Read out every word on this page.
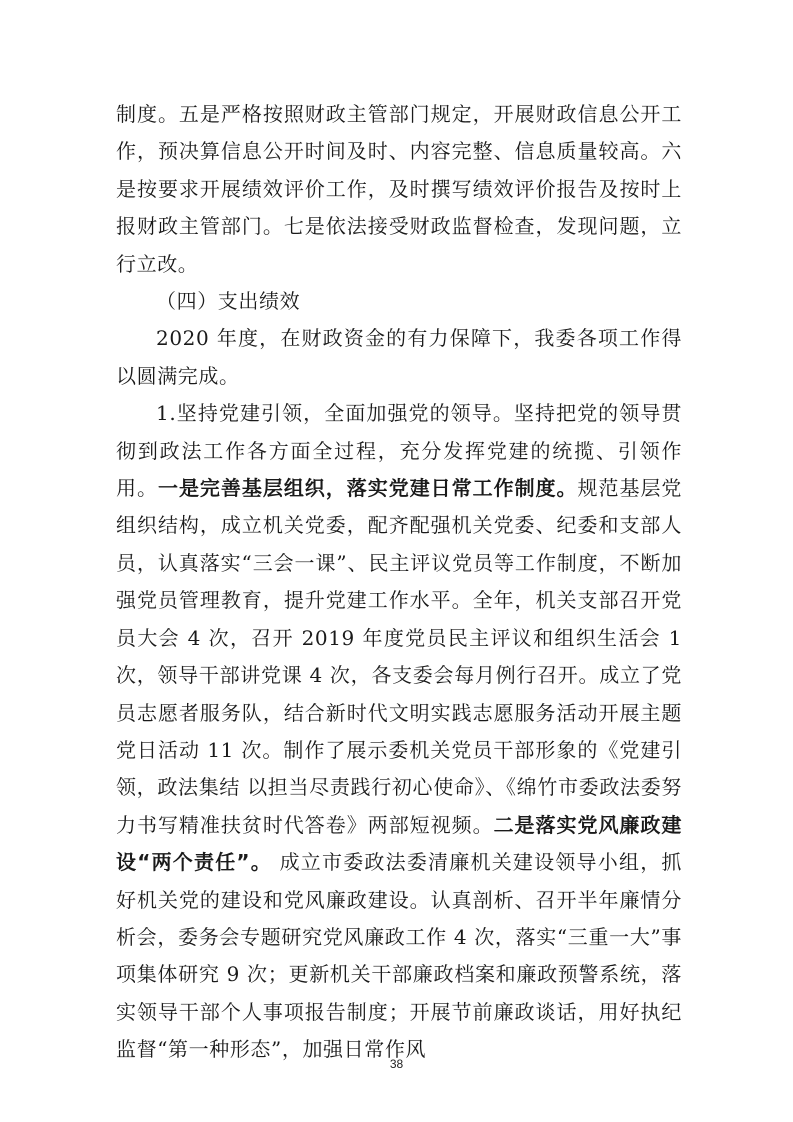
制度。五是严格按照财政主管部门规定，开展财政信息公开工作，预决算信息公开时间及时、内容完整、信息质量较高。六是按要求开展绩效评价工作，及时撰写绩效评价报告及按时上报财政主管部门。七是依法接受财政监督检查，发现问题，立行立改。

（四）支出绩效

2020 年度，在财政资金的有力保障下，我委各项工作得以圆满完成。

1.坚持党建引领，全面加强党的领导。坚持把党的领导贯彻到政法工作各方面全过程，充分发挥党建的统揽、引领作用。一是完善基层组织，落实党建日常工作制度。规范基层党组织结构，成立机关党委，配齐配强机关党委、纪委和支部人员，认真落实“三会一课”、民主评议党员等工作制度，不断加强党员管理教育，提升党建工作水平。全年，机关支部召开党员大会 4 次，召开 2019 年度党员民主评议和组织生活会 1 次，领导干部讲党课 4 次，各支委会每月例行召开。成立了党员志愿者服务队，结合新时代文明实践志愿服务活动开展主题党日活动 11 次。制作了展示委机关党员干部形象的《党建引领，政法集结 以担当尽责践行初心使命》、《绵竹市委政法委努力书写精准扶贫时代答卷》两部短视频。二是落实党风廉政建设“两个责任”。 成立市委政法委清廉机关建设领导小组，抓好机关党的建设和党风廉政建设。认真剖析、召开半年廉情分析会，委务会专题研究党风廉政工作 4 次，落实“三重一大”事项集体研究 9 次；更新机关干部廉政档案和廉政预警系统，落实领导干部个人事项报告制度；开展节前廉政谈话，用好执纪监督“第一种形态”，加强日常作风

38
